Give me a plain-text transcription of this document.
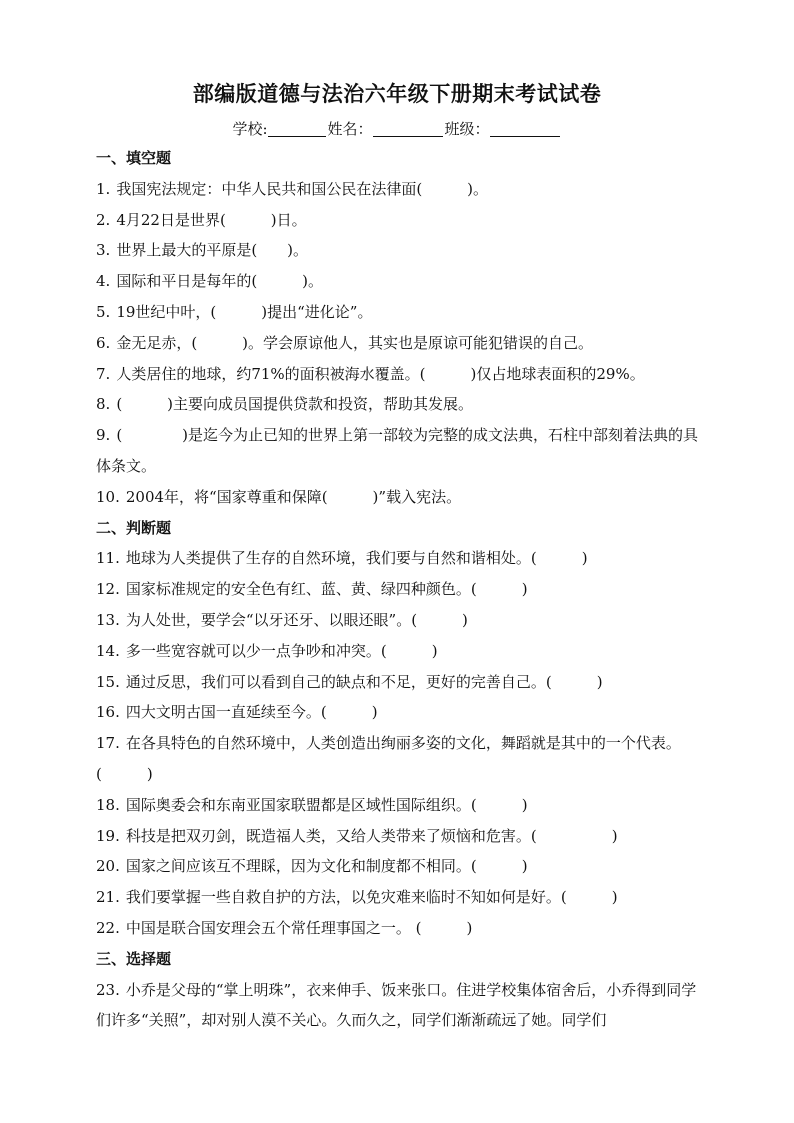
部编版道德与法治六年级下册期末考试试卷
学校:	姓名：	班级：
一、填空题
1. 我国宪法规定：中华人民共和国公民在法律面(　　　)。
2. 4月22日是世界(　　　)日。
3. 世界上最大的平原是(　　)。
4. 国际和平日是每年的(　　　)。
5. 19世纪中叶，(　　　)提出“进化论”。
6. 金无足赤，(　　　)。学会原谅他人，其实也是原谅可能犯错误的自己。
7. 人类居住的地球，约71%的面积被海水覆盖。(　　　)仅占地球表面积的29%。
8. (　　　)主要向成员国提供贷款和投资，帮助其发展。
9. (　　　　)是迄今为止已知的世界上第一部较为完整的成文法典，石柱中部刻着法典的具体条文。
10. 2004年，将“国家尊重和保障(　　　)”载入宪法。
二、判断题
11. 地球为人类提供了生存的自然环境，我们要与自然和谐相处。(　　　)
12. 国家标准规定的安全色有红、蓝、黄、绿四种颜色。(　　　)
13. 为人处世，要学会“以牙还牙、以眼还眼”。(　　　)
14. 多一些宽容就可以少一点争吵和冲突。(　　　)
15. 通过反思，我们可以看到自己的缺点和不足，更好的完善自己。(　　　)
16. 四大文明古国一直延续至今。(　　　)
17. 在各具特色的自然环境中，人类创造出绚丽多姿的文化，舞蹈就是其中的一个代表。(　　　)
18. 国际奥委会和东南亚国家联盟都是区域性国际组织。(　　　)
19. 科技是把双刃剑，既造福人类，又给人类带来了烦恼和危害。(　　　　　)
20. 国家之间应该互不理睬，因为文化和制度都不相同。(　　　)
21. 我们要掌握一些自救自护的方法，以免灾难来临时不知如何是好。(　　　)
22. 中国是联合国安理会五个常任理事国之一。 (　　　)
三、选择题
23. 小乔是父母的“掌上明珠”，衣来伸手、饭来张口。住进学校集体宿舍后，小乔得到同学们许多“关照”，却对别人漠不关心。久而久之，同学们渐渐疏远了她。同学们
